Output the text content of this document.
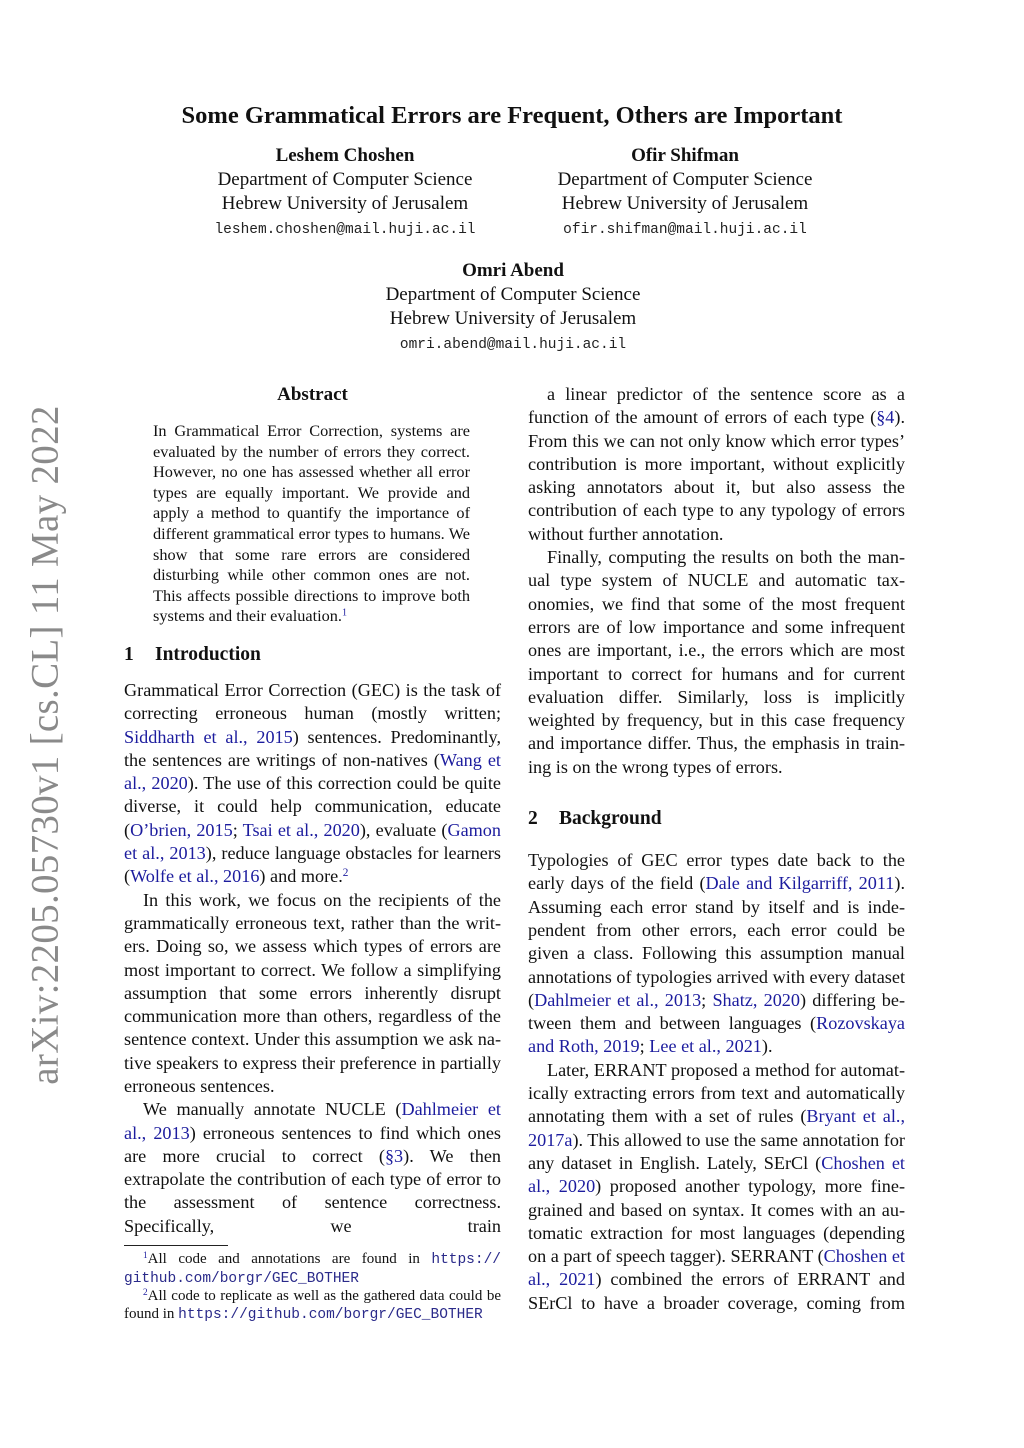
arXiv:2205.05730v1 [cs.CL] 11 May 2022
Some Grammatical Errors are Frequent, Others are Important
Leshem Choshen
Department of Computer Science
Hebrew University of Jerusalem
leshem.choshen@mail.huji.ac.il
Ofir Shifman
Department of Computer Science
Hebrew University of Jerusalem
ofir.shifman@mail.huji.ac.il
Omri Abend
Department of Computer Science
Hebrew University of Jerusalem
omri.abend@mail.huji.ac.il
Abstract
In Grammatical Error Correction, systems are evaluated by the number of errors they correct. However, no one has assessed whether all error types are equally important. We provide and apply a method to quantify the importance of different grammatical error types to humans. We show that some rare errors are considered disturbing while other common ones are not. This affects possible directions to improve both systems and their evaluation.$^1$
1 Introduction

Grammatical Error Correction (GEC) is the task of correcting erroneous human (mostly written; Siddharth et al., 2015) sentences. Predominantly, the sentences are writings of non-natives (Wang et al., 2020). The use of this correction could be quite diverse, it could help communication, educate (O’brien, 2015; Tsai et al., 2020), evaluate (Gamon et al., 2013), reduce language obstacles for learners (Wolfe et al., 2016) and more.$^2$

In this work, we focus on the recipients of the grammatically erroneous text, rather than the writers. Doing so, we assess which types of errors are most important to correct. We follow a simplifying assumption that some errors inherently disrupt communication more than others, regardless of the sentence context. Under this assumption we ask native speakers to express their preference in partially erroneous sentences.

We manually annotate NUCLE (Dahlmeier et al., 2013) erroneous sentences to find which ones are more crucial to correct (§3). We then extrapolate the contribution of each type of error to the assessment of sentence correctness. Specifically, we train

$^1$All code and annotations are found in https://​github.com/borgr/GEC_BOTHER

$^2$All code to replicate as well as the gathered data could be found in https://github.com/borgr/GEC_​BOTHER

a linear predictor of the sentence score as a function of the amount of errors of each type (§4). From this we can not only know which error types’ contribution is more important, without explicitly asking annotators about it, but also assess the contribution of each type to any typology of errors without further annotation.

Finally, computing the results on both the manual type system of NUCLE and automatic taxonomies, we find that some of the most frequent errors are of low importance and some infrequent ones are important, i.e., the errors which are most important to correct for humans and for current evaluation differ. Similarly, loss is implicitly weighted by frequency, but in this case frequency and importance differ. Thus, the emphasis in training is on the wrong types of errors.

2 Background

Typologies of GEC error types date back to the early days of the field (Dale and Kilgarriff, 2011). Assuming each error stand by itself and is independent from other errors, each error could be given a class. Following this assumption manual annotations of typologies arrived with every dataset (Dahlmeier et al., 2013; Shatz, 2020) differing between them and between languages (Rozovskaya and Roth, 2019; Lee et al., 2021).

Later, ERRANT proposed a method for automatically extracting errors from text and automatically annotating them with a set of rules (Bryant et al., 2017a). This allowed to use the same annotation for any dataset in English. Lately, SErCl (Choshen et al., 2020) proposed another typology, more finegrained and based on syntax. It comes with an automatic extraction for most languages (depending on a part of speech tagger). SERRANT (Choshen et al., 2021) combined the errors of ERRANT and SErCl to have a broader coverage, coming from
